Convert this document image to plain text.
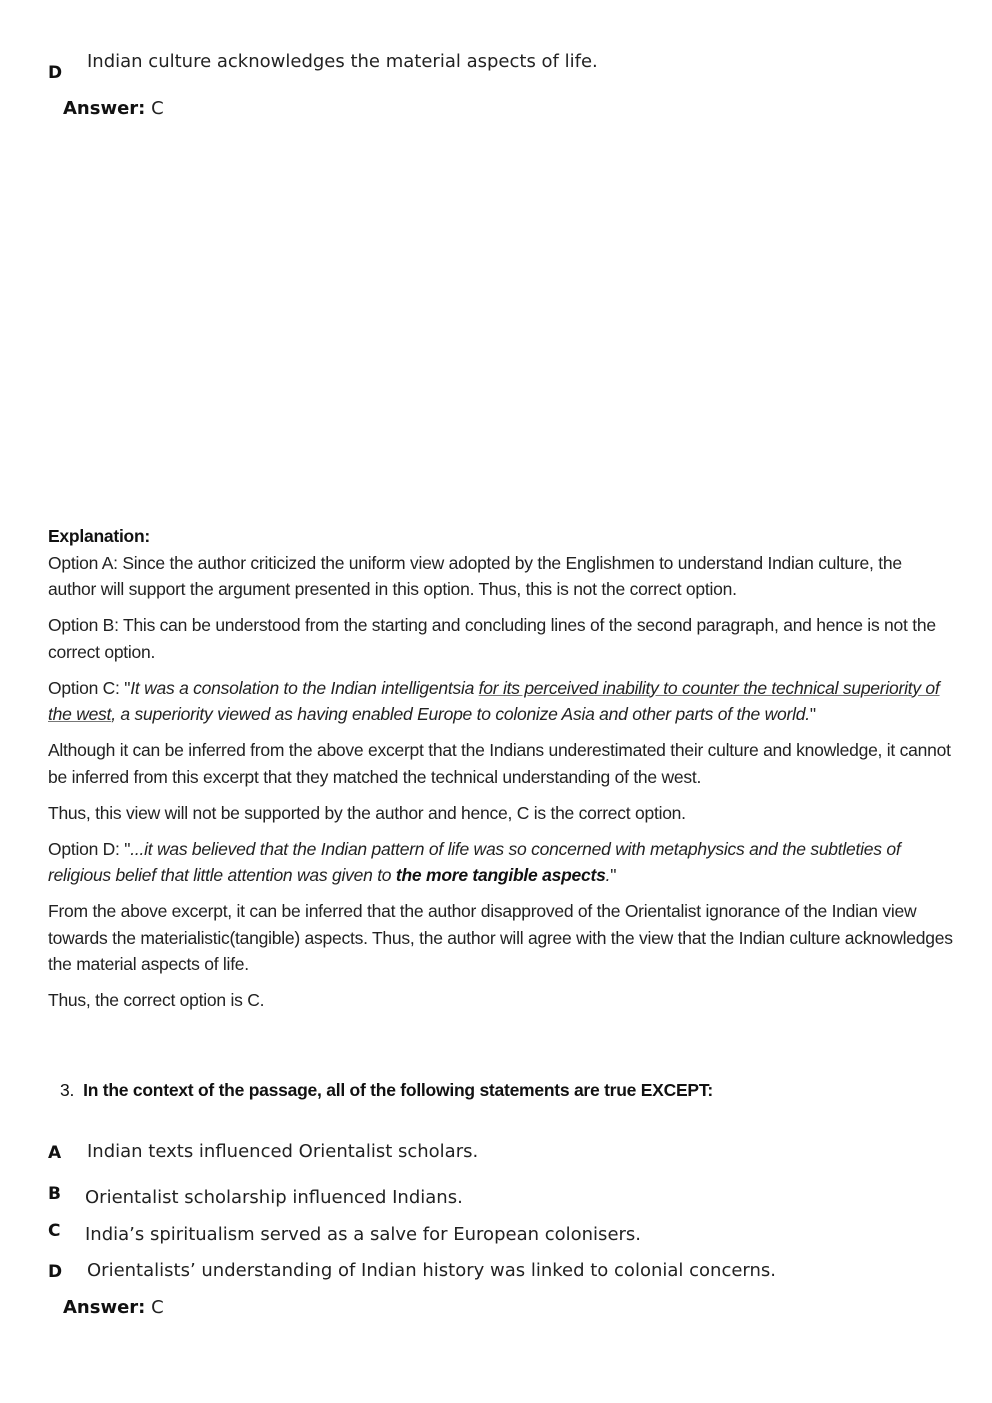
D
Indian culture acknowledges the material aspects of life.
Answer: C

Explanation:

Option A: Since the author criticized the uniform view adopted by the Englishmen to understand Indian culture, the author will support the argument presented in this option. Thus, this is not the correct option.

Option B: This can be understood from the starting and concluding lines of the second paragraph, and hence is not the correct option.

Option C: "It was a consolation to the Indian intelligentsia for its perceived inability to counter the technical superiority of the west, a superiority viewed as having enabled Europe to colonize Asia and other parts of the world."

Although it can be inferred from the above excerpt that the Indians underestimated their culture and knowledge, it cannot be inferred from this excerpt that they matched the technical understanding of the west.

Thus, this view will not be supported by the author and hence, C is the correct option.

Option D: "...it was believed that the Indian pattern of life was so concerned with metaphysics and the subtleties of religious belief that little attention was given to the more tangible aspects."

From the above excerpt, it can be inferred that the author disapproved of the Orientalist ignorance of the Indian view towards the materialistic(tangible) aspects. Thus, the author will agree with the view that the Indian culture acknowledges the material aspects of life.

Thus, the correct option is C.

3. In the context of the passage, all of the following statements are true EXCEPT:
A Indian texts influenced Orientalist scholars.
B Orientalist scholarship influenced Indians.
C India’s spiritualism served as a salve for European colonisers.
D Orientalists’ understanding of Indian history was linked to colonial concerns.
Answer: C
